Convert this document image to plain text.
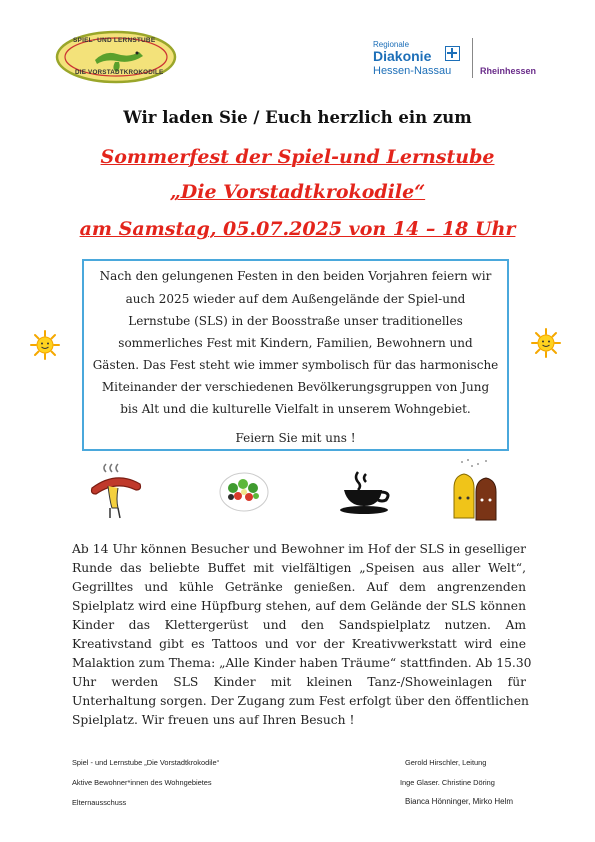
SPIEL- UND LERNSTUBE
DIE VORSTADTKROKODILE
Regionale
Diakonie
Hessen-Nassau	Rheinhessen
Wir laden Sie / Euch herzlich ein zum
Sommerfest der Spiel-und Lernstube
„Die Vorstadtkrokodile“
am Samstag, 05.07.2025 von 14 – 18 Uhr
Nach den gelungenen Festen in den beiden Vorjahren feiern wir
auch 2025 wieder auf dem Außengelände der Spiel-und
Lernstube (SLS) in der Boosstraße unser traditionelles
sommerliches Fest mit Kindern, Familien, Bewohnern und
Gästen. Das Fest steht wie immer symbolisch für das harmonische
Miteinander der verschiedenen Bevölkerungsgruppen von Jung
bis Alt und die kulturelle Vielfalt in unserem Wohngebiet.
Feiern Sie mit uns !
Ab 14 Uhr können Besucher und Bewohner im Hof der SLS in geselliger
Runde das beliebte Buffet mit vielfältigen „Speisen aus aller Welt“,
Gegrilltes und kühle Getränke genießen. Auf dem angrenzenden
Spielplatz wird eine Hüpfburg stehen, auf dem Gelände der SLS können
Kinder das Klettergerüst und den Sandspielplatz nutzen. Am
Kreativstand gibt es Tattoos und vor der Kreativwerkstatt wird eine
Malaktion zum Thema: „Alle Kinder haben Träume“ stattfinden. Ab 15.30
Uhr werden SLS Kinder mit kleinen Tanz-/Showeinlagen für
Unterhaltung sorgen. Der Zugang zum Fest erfolgt über den öffentlichen
Spielplatz. Wir freuen uns auf Ihren Besuch !
Spiel - und Lernstube „Die Vorstadtkrokodile“
Aktive Bewohner*innen des Wohngebietes
Elternausschuss
Gerold Hirschler, Leitung
Inge Glaser. Christine Döring
Bianca Hönninger, Mirko Helm
